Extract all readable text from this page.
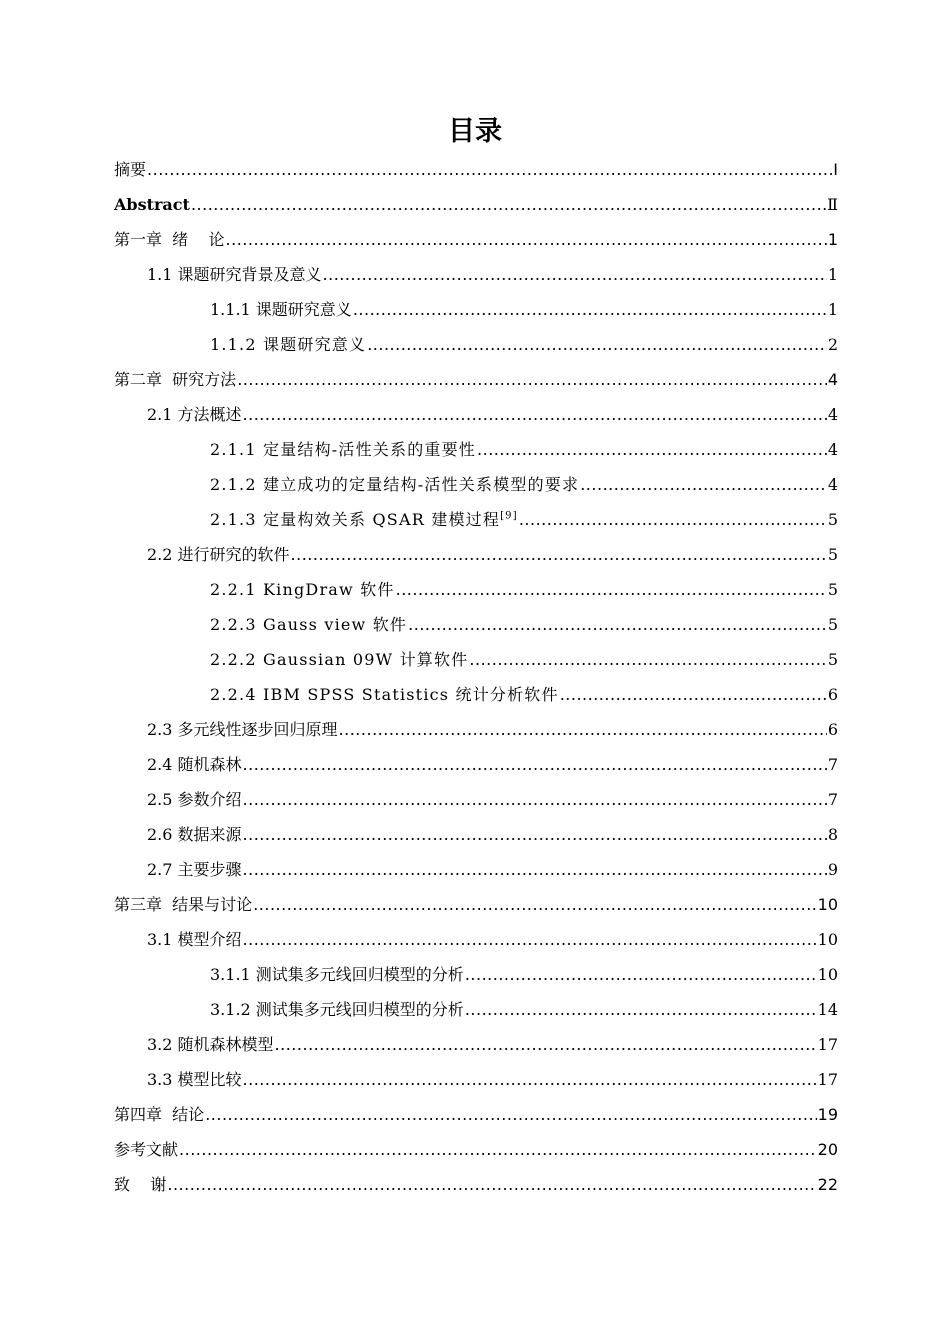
目录
摘要 .....	I
Abstract .....	Ⅱ
第一章  绪    论 .....	1
1.1 课题研究背景及意义 .....	1
1.1.1 课题研究意义 .....	1
1.1.2 课题研究意义 .....	2
第二章  研究方法 .....	4
2.1 方法概述 .....	4
2.1.1 定量结构-活性关系的重要性 .....	4
2.1.2 建立成功的定量结构-活性关系模型的要求 .....	4
2.1.3 定量构效关系 QSAR 建模过程[9] .....	5
2.2 进行研究的软件 .....	5
2.2.1 KingDraw 软件 .....	5
2.2.3 Gauss view 软件 .....	5
2.2.2 Gaussian 09W 计算软件 .....	5
2.2.4 IBM SPSS Statistics 统计分析软件 .....	6
2.3 多元线性逐步回归原理 .....	6
2.4 随机森林 .....	7
2.5 参数介绍 .....	7
2.6 数据来源 .....	8
2.7 主要步骤 .....	9
第三章  结果与讨论 .....	10
3.1 模型介绍 .....	10
3.1.1 测试集多元线回归模型的分析 .....	10
3.1.2 测试集多元线回归模型的分析 .....	14
3.2 随机森林模型 .....	17
3.3 模型比较 .....	17
第四章  结论 .....	19
参考文献 .....	20
致    谢 .....	22
